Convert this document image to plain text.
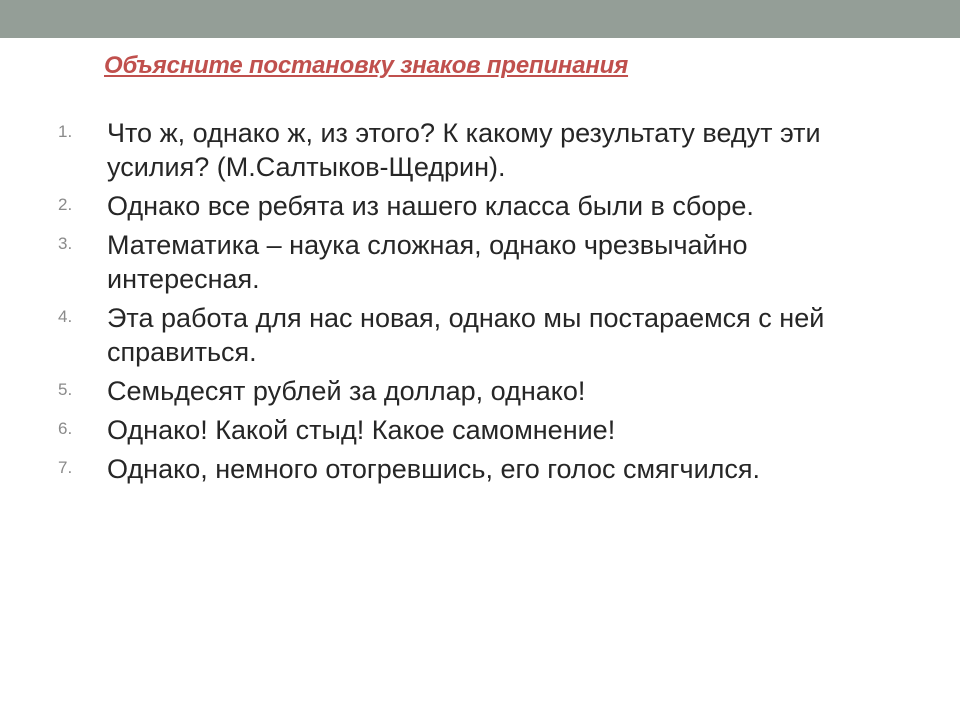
Объясните постановку знаков препинания
1. Что ж, однако ж, из этого? К какому результату ведут эти усилия? (М.Салтыков-Щедрин).
2. Однако все ребята из нашего класса были в сборе.
3. Математика – наука сложная, однако чрезвычайно интересная.
4. Эта работа для нас новая, однако мы постараемся с ней справиться.
5. Семьдесят рублей за доллар, однако!
6. Однако! Какой стыд! Какое самомнение!
7. Однако, немного отогревшись, его голос смягчился.
